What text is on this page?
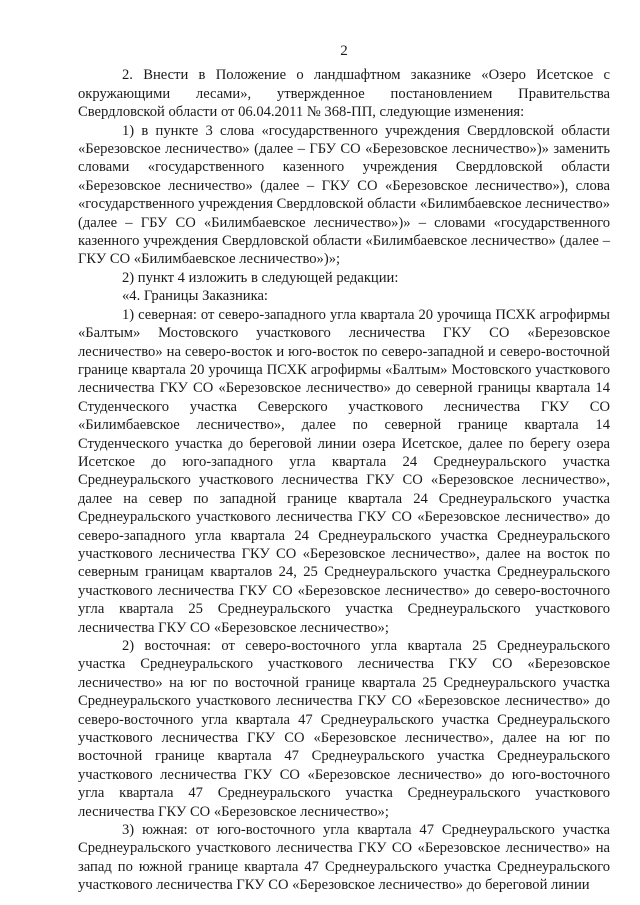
2

2. Внести в Положение о ландшафтном заказнике «Озеро Исетское с окружающими лесами», утвержденное постановлением Правительства Свердловской области от 06.04.2011 № 368-ПП, следующие изменения:

1) в пункте 3 слова «государственного учреждения Свердловской области «Березовское лесничество» (далее – ГБУ СО «Березовское лесничество»)» заменить словами «государственного казенного учреждения Свердловской области «Березовское лесничество» (далее – ГКУ СО «Березовское лесничество»), слова «государственного учреждения Свердловской области «Билимбаевское лесничество» (далее – ГБУ СО «Билимбаевское лесничество»)» – словами «государственного казенного учреждения Свердловской области «Билимбаевское лесничество» (далее – ГКУ СО «Билимбаевское лесничество»)»;

2) пункт 4 изложить в следующей редакции:

«4. Границы Заказника:

1) северная: от северо-западного угла квартала 20 урочища ПСХК агрофирмы «Балтым» Мостовского участкового лесничества ГКУ СО «Березовское лесничество» на северо-восток и юго-восток по северо-западной и северо-восточной границе квартала 20 урочища ПСХК агрофирмы «Балтым» Мостовского участкового лесничества ГКУ СО «Березовское лесничество» до северной границы квартала 14 Студенческого участка Северского участкового лесничества ГКУ СО «Билимбаевское лесничество», далее по северной границе квартала 14 Студенческого участка до береговой линии озера Исетское, далее по берегу озера Исетское до юго-западного угла квартала 24 Среднеуральского участка Среднеуральского участкового лесничества ГКУ СО «Березовское лесничество», далее на север по западной границе квартала 24 Среднеуральского участка Среднеуральского участкового лесничества ГКУ СО «Березовское лесничество» до северо-западного угла квартала 24 Среднеуральского участка Среднеуральского участкового лесничества ГКУ СО «Березовское лесничество», далее на восток по северным границам кварталов 24, 25 Среднеуральского участка Среднеуральского участкового лесничества ГКУ СО «Березовское лесничество» до северо-восточного угла квартала 25 Среднеуральского участка Среднеуральского участкового лесничества ГКУ СО «Березовское лесничество»;

2) восточная: от северо-восточного угла квартала 25 Среднеуральского участка Среднеуральского участкового лесничества ГКУ СО «Березовское лесничество» на юг по восточной границе квартала 25 Среднеуральского участка Среднеуральского участкового лесничества ГКУ СО «Березовское лесничество» до северо-восточного угла квартала 47 Среднеуральского участка Среднеуральского участкового лесничества ГКУ СО «Березовское лесничество», далее на юг по восточной границе квартала 47 Среднеуральского участка Среднеуральского участкового лесничества ГКУ СО «Березовское лесничество» до юго-восточного угла квартала 47 Среднеуральского участка Среднеуральского участкового лесничества ГКУ СО «Березовское лесничество»;

3) южная: от юго-восточного угла квартала 47 Среднеуральского участка Среднеуральского участкового лесничества ГКУ СО «Березовское лесничество» на запад по южной границе квартала 47 Среднеуральского участка Среднеуральского участкового лесничества ГКУ СО «Березовское лесничество» до береговой линии
